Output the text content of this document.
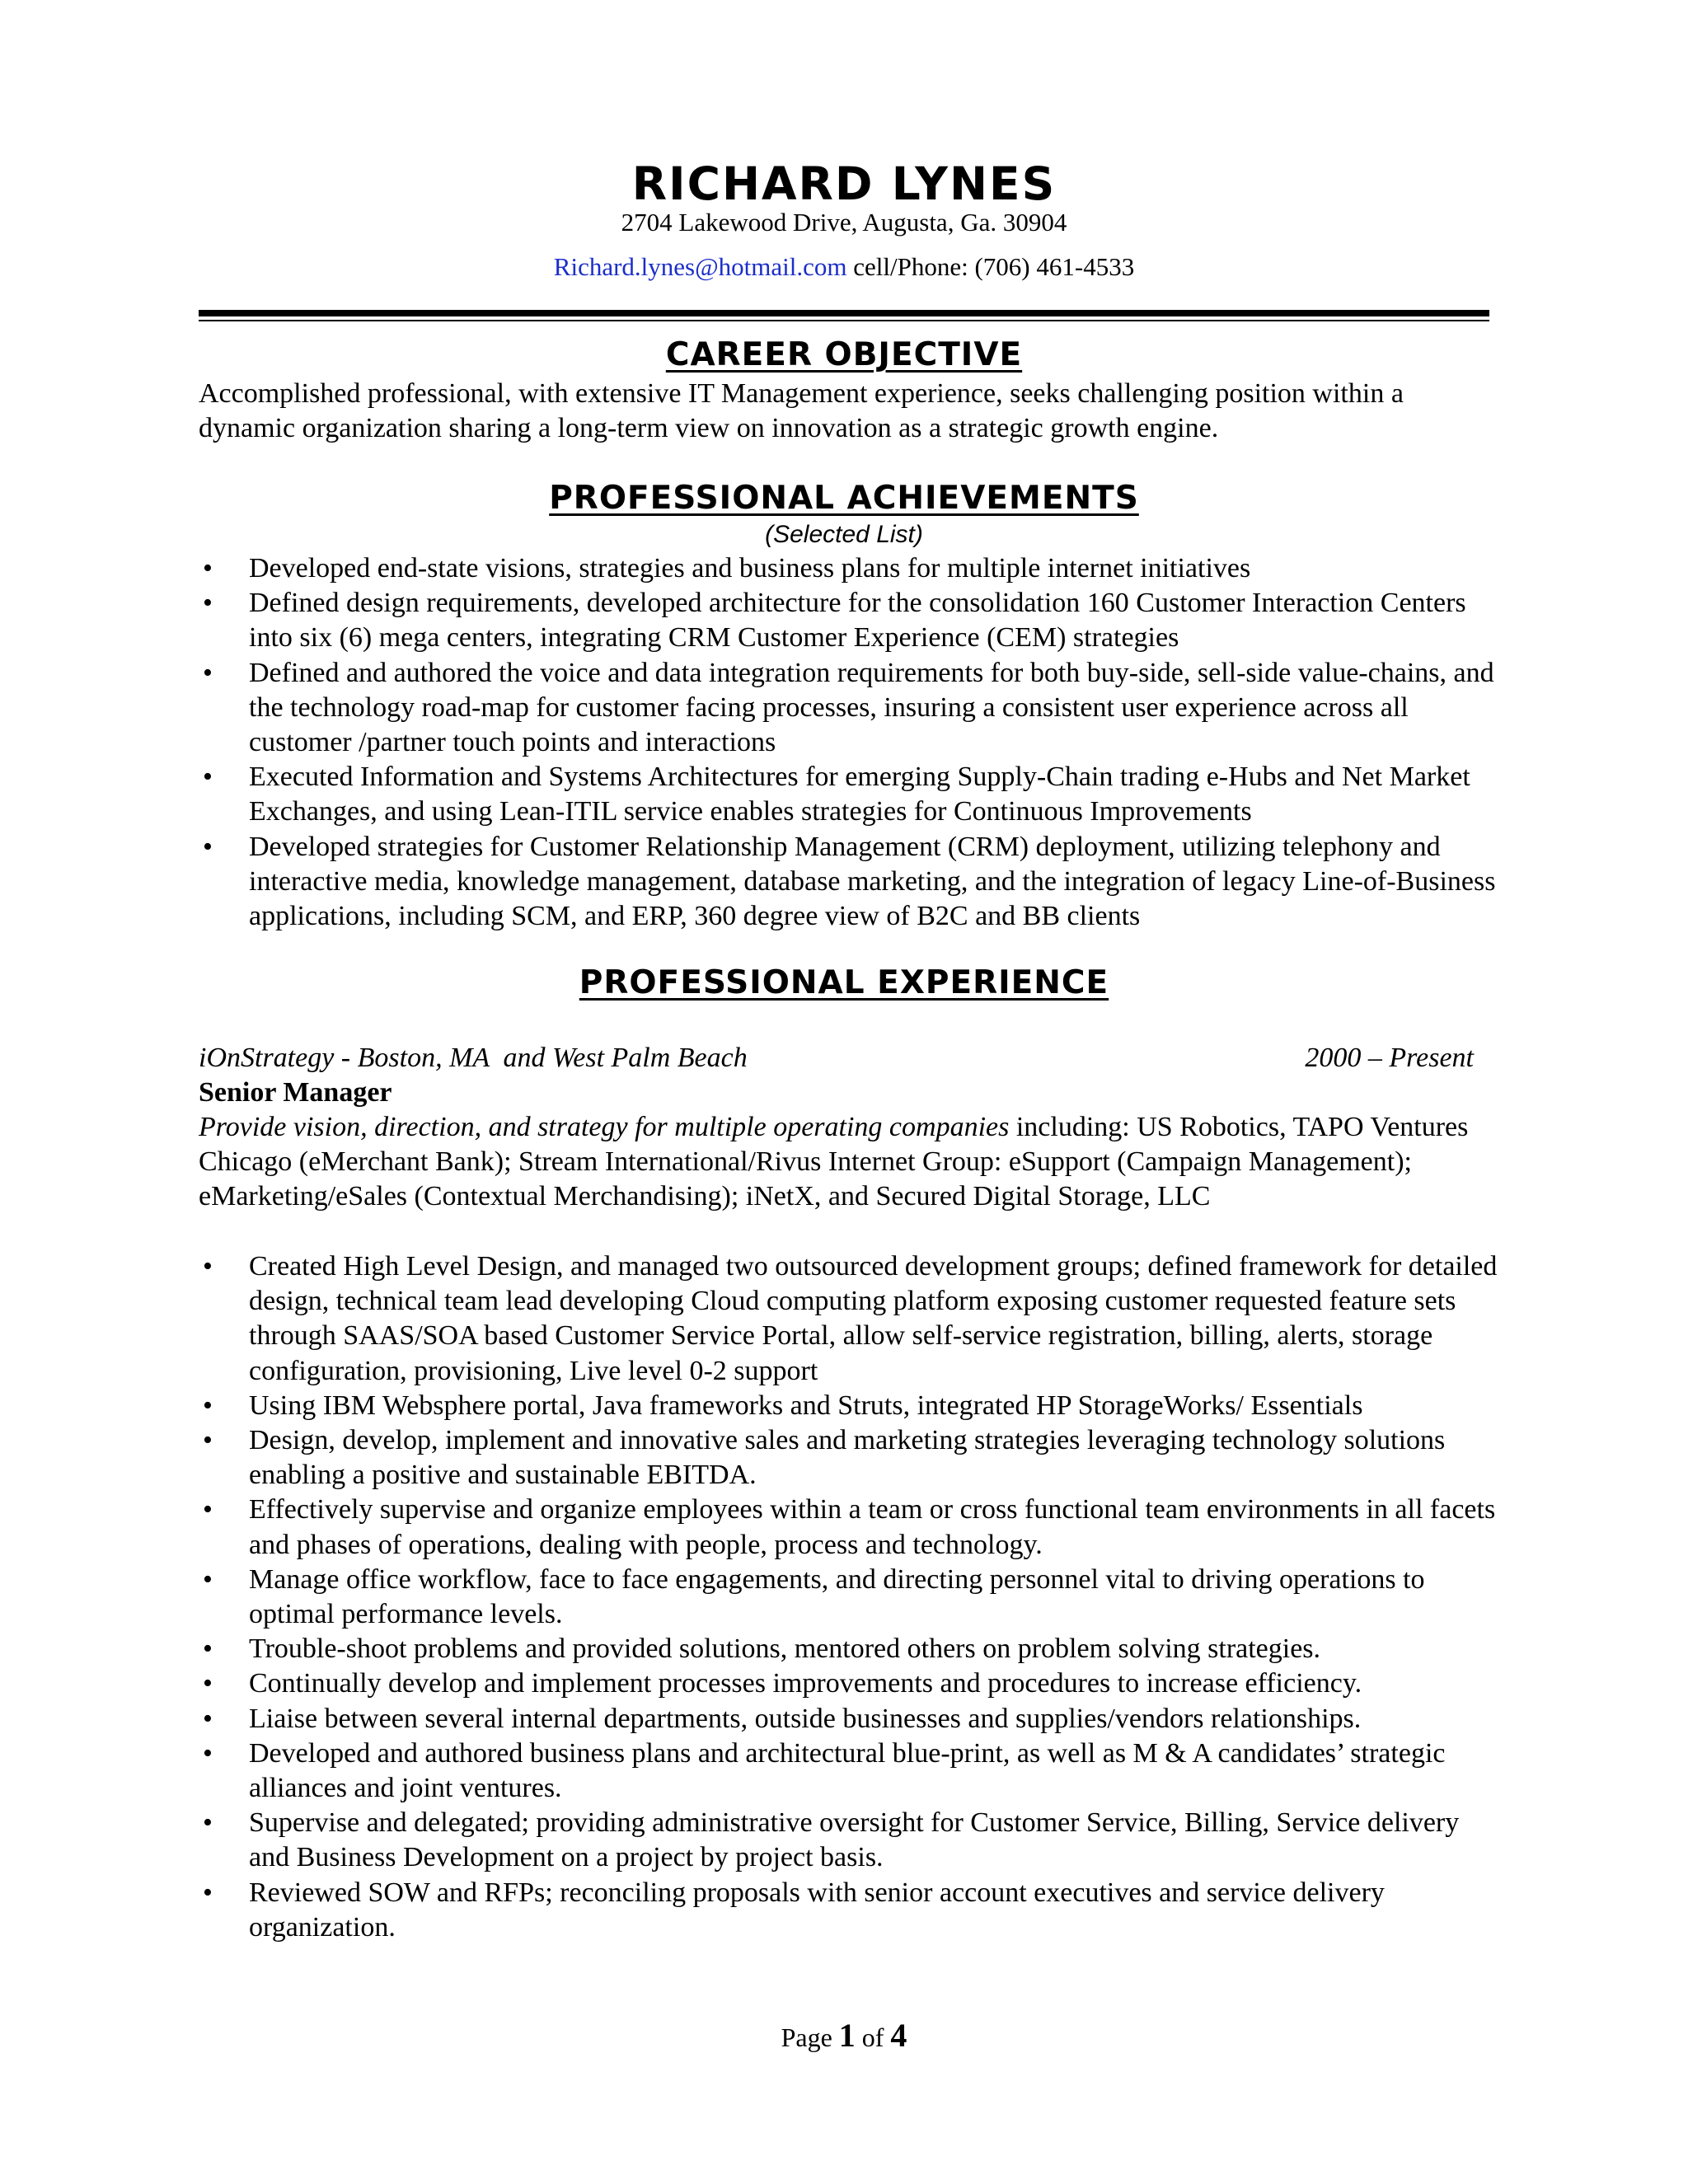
RICHARD LYNES
2704 Lakewood Drive, Augusta, Ga. 30904
Richard.lynes@hotmail.com cell/Phone: (706) 461-4533
CAREER OBJECTIVE
Accomplished professional, with extensive IT Management experience, seeks challenging position within a dynamic organization sharing a long-term view on innovation as a strategic growth engine.
PROFESSIONAL ACHIEVEMENTS
(Selected List)
• Developed end-state visions, strategies and business plans for multiple internet initiatives
• Defined design requirements, developed architecture for the consolidation 160 Customer Interaction Centers into six (6) mega centers, integrating CRM Customer Experience (CEM) strategies
• Defined and authored the voice and data integration requirements for both buy-side, sell-side value-chains, and the technology road-map for customer facing processes, insuring a consistent user experience across all customer /partner touch points and interactions
• Executed Information and Systems Architectures for emerging Supply-Chain trading e-Hubs and Net Market Exchanges, and using Lean-ITIL service enables strategies for Continuous Improvements
• Developed strategies for Customer Relationship Management (CRM) deployment, utilizing telephony and interactive media, knowledge management, database marketing, and the integration of legacy Line-of-Business applications, including SCM, and ERP, 360 degree view of B2C and BB clients
PROFESSIONAL EXPERIENCE
iOnStrategy - Boston, MA  and West Palm Beach	2000 – Present
Senior Manager
Provide vision, direction, and strategy for multiple operating companies including: US Robotics, TAPO Ventures Chicago (eMerchant Bank); Stream International/Rivus Internet Group: eSupport (Campaign Management); eMarketing/eSales (Contextual Merchandising); iNetX, and Secured Digital Storage, LLC
• Created High Level Design, and managed two outsourced development groups; defined framework for detailed design, technical team lead developing Cloud computing platform exposing customer requested feature sets through SAAS/SOA based Customer Service Portal, allow self-service registration, billing, alerts, storage configuration, provisioning, Live level 0-2 support
• Using IBM Websphere portal, Java frameworks and Struts, integrated HP StorageWorks/ Essentials
• Design, develop, implement and innovative sales and marketing strategies leveraging technology solutions enabling a positive and sustainable EBITDA.
• Effectively supervise and organize employees within a team or cross functional team environments in all facets and phases of operations, dealing with people, process and technology.
• Manage office workflow, face to face engagements, and directing personnel vital to driving operations to optimal performance levels.
• Trouble-shoot problems and provided solutions, mentored others on problem solving strategies.
• Continually develop and implement processes improvements and procedures to increase efficiency.
• Liaise between several internal departments, outside businesses and supplies/vendors relationships.
• Developed and authored business plans and architectural blue-print, as well as M & A candidates’ strategic alliances and joint ventures.
• Supervise and delegated; providing administrative oversight for Customer Service, Billing, Service delivery and Business Development on a project by project basis.
• Reviewed SOW and RFPs; reconciling proposals with senior account executives and service delivery organization.
Page 1 of 4
